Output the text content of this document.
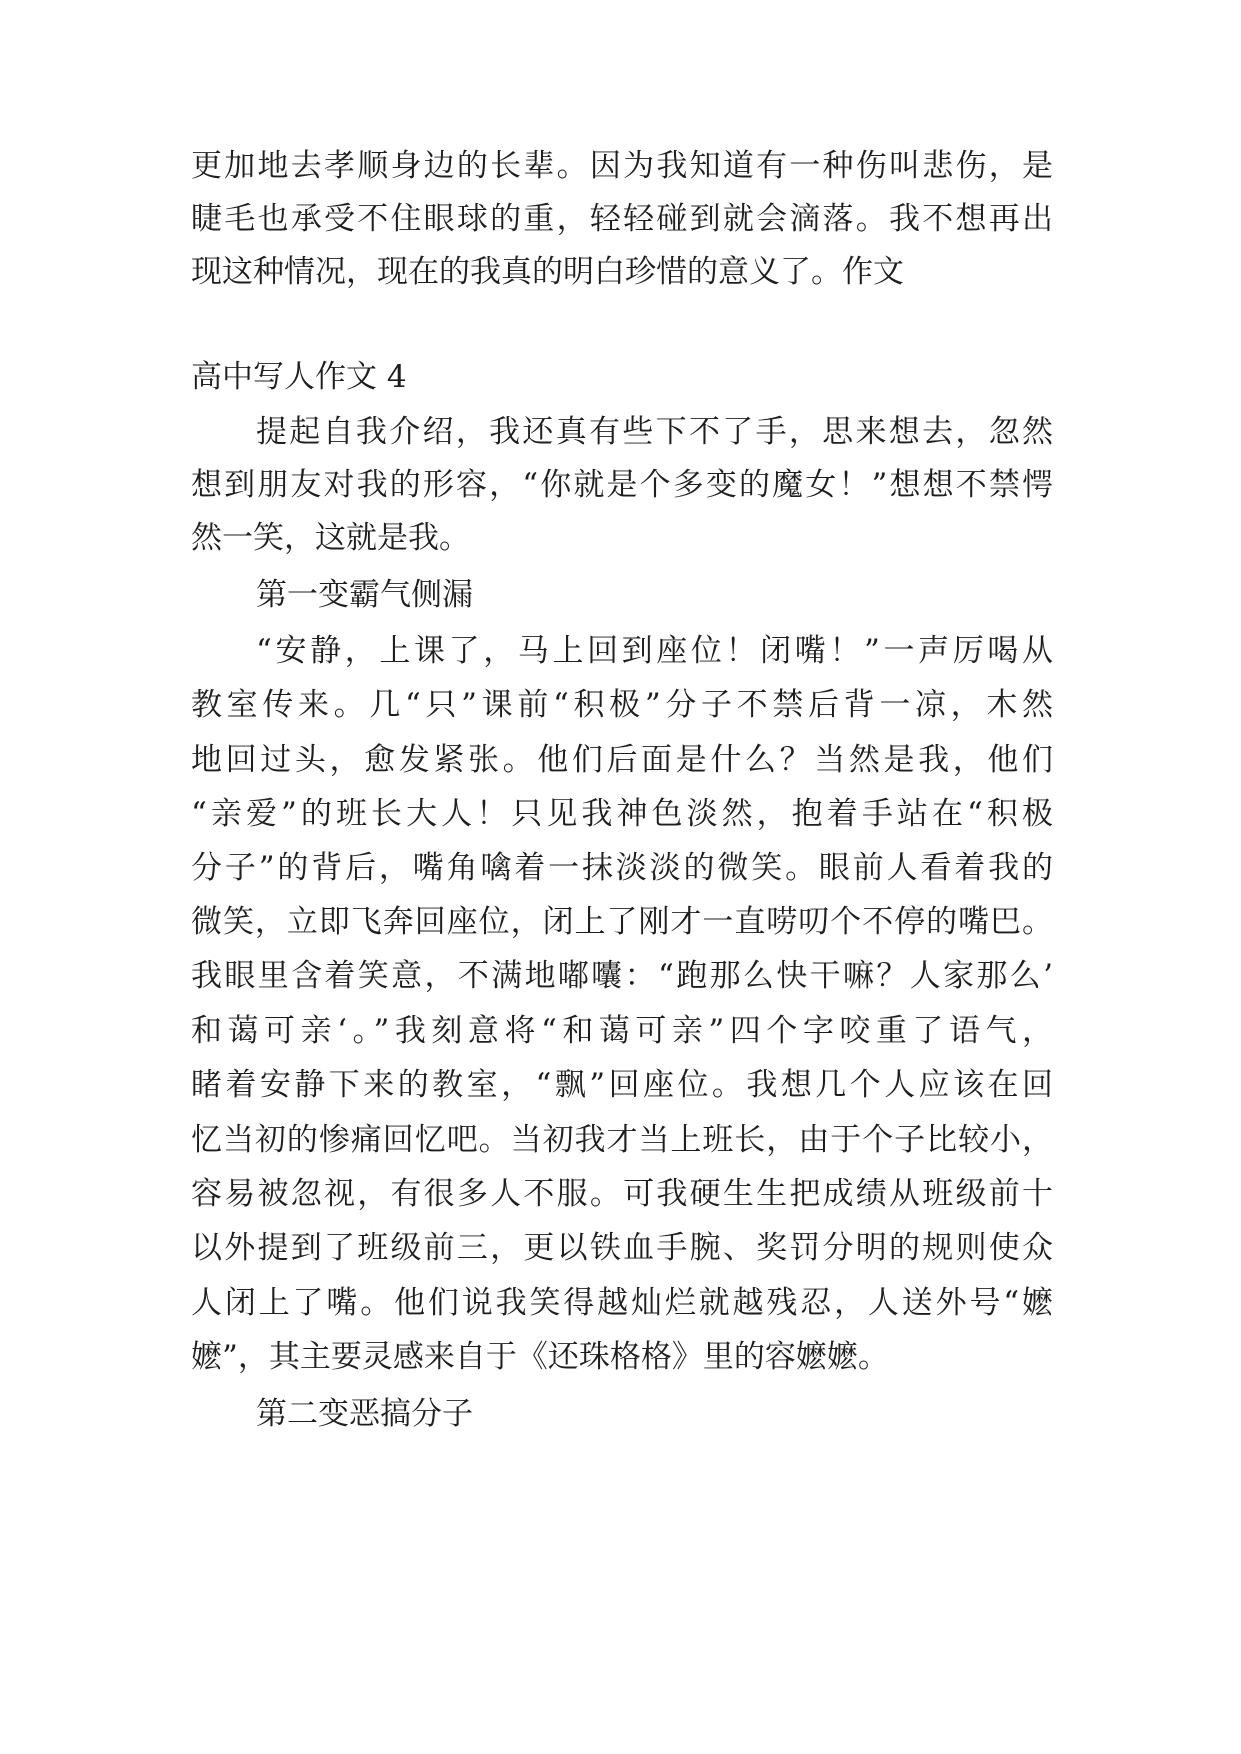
更加地去孝顺身边的长辈。因为我知道有一种伤叫悲伤，是
睫毛也承受不住眼球的重，轻轻碰到就会滴落。我不想再出
现这种情况，现在的我真的明白珍惜的意义了。作文
高中写人作文 4
提起自我介绍，我还真有些下不了手，思来想去，忽然
想到朋友对我的形容，“你就是个多变的魔女！”想想不禁愕
然一笑，这就是我。
第一变霸气侧漏
“安静，上课了，马上回到座位！闭嘴！”一声厉喝从
教室传来。几“只”课前“积极”分子不禁后背一凉，木然
地回过头，愈发紧张。他们后面是什么？当然是我，他们
“亲爱”的班长大人！只见我神色淡然，抱着手站在“积极
分子”的背后，嘴角噙着一抹淡淡的微笑。眼前人看着我的
微笑，立即飞奔回座位，闭上了刚才一直唠叨个不停的嘴巴。
我眼里含着笑意，不满地嘟囔：“跑那么快干嘛？人家那么’
和蔼可亲‘。”我刻意将“和蔼可亲”四个字咬重了语气，
睹着安静下来的教室，“飘”回座位。我想几个人应该在回
忆当初的惨痛回忆吧。当初我才当上班长，由于个子比较小，
容易被忽视，有很多人不服。可我硬生生把成绩从班级前十
以外提到了班级前三，更以铁血手腕、奖罚分明的规则使众
人闭上了嘴。他们说我笑得越灿烂就越残忍，人送外号“嬷
嬷”，其主要灵感来自于《还珠格格》里的容嬷嬷。
第二变恶搞分子
